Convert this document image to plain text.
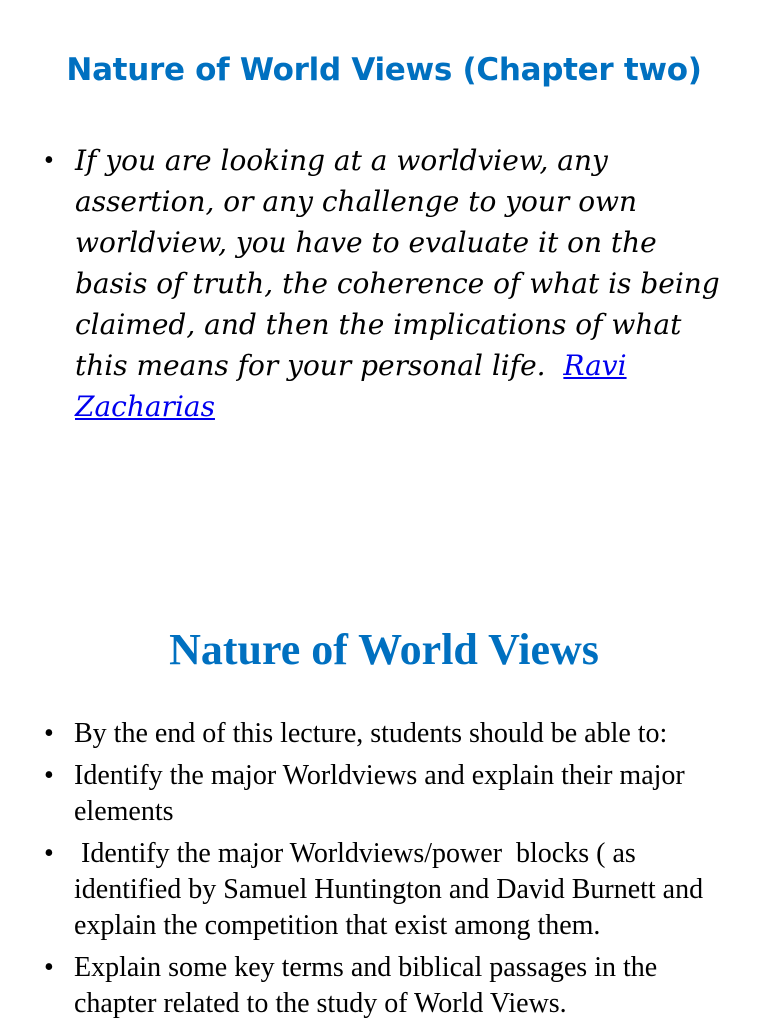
Nature of World Views (Chapter two)
• If you are looking at a worldview, any assertion, or any challenge to your own worldview, you have to evaluate it on the basis of truth, the coherence of what is being claimed, and then the implications of what this means for your personal life. Ravi Zacharias
Nature of World Views
• By the end of this lecture, students should be able to:
• Identify the major Worldviews and explain their major elements
• Identify the major Worldviews/power  blocks ( as identified by Samuel Huntington and David Burnett and explain the competition that exist among them.
• Explain some key terms and biblical passages in the chapter related to the study of World Views.
